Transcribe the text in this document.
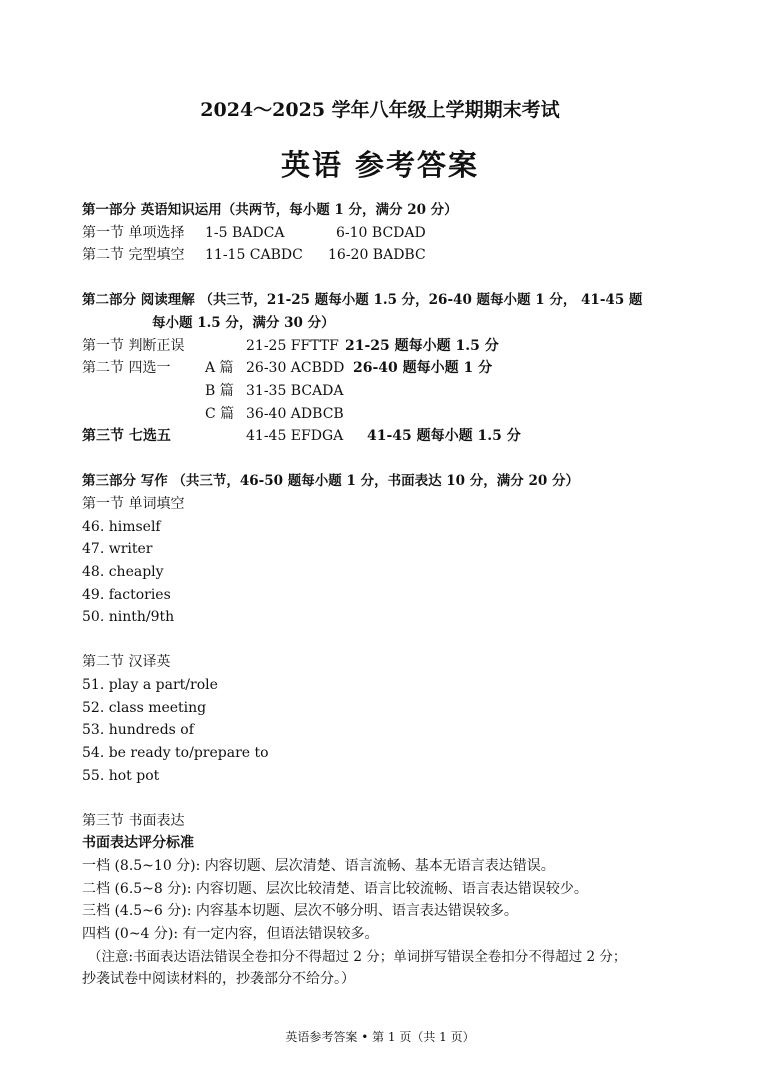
2024～2025 学年八年级上学期期末考试
英语 参考答案
第一部分 英语知识运用（共两节，每小题 1 分，满分 20 分）
第一节 单项选择 1-5 BADCA	6-10 BCDAD
第二节 完型填空 11-15 CABDC 16-20 BADBC
第二部分 阅读理解 （共三节，21-25 题每小题 1.5 分，26-40 题每小题 1 分， 41-45 题
每小题 1.5 分，满分 30 分）
第一节 判断正误	21-25 FFTTF 21-25 题每小题 1.5 分
第二节 四选一 A 篇 26-30 ACBDD 26-40 题每小题 1 分
B 篇 31-35 BCADA
C 篇 36-40 ADBCB
第三节 七选五	41-45 EFDGA 41-45 题每小题 1.5 分
第三部分 写作 （共三节，46-50 题每小题 1 分，书面表达 10 分，满分 20 分）
第一节 单词填空
46. himself
47. writer
48. cheaply
49. factories
50. ninth/9th
第二节 汉译英
51. play a part/role
52. class meeting
53. hundreds of
54. be ready to/prepare to
55. hot pot
第三节 书面表达
书面表达评分标准
一档 (8.5~10 分): 内容切题、层次清楚、语言流畅、基本无语言表达错误。
二档 (6.5~8 分): 内容切题、层次比较清楚、语言比较流畅、语言表达错误较少。
三档 (4.5~6 分): 内容基本切题、层次不够分明、语言表达错误较多。
四档 (0~4 分): 有一定内容，但语法错误较多。
（注意:书面表达语法错误全卷扣分不得超过 2 分；单词拼写错误全卷扣分不得超过 2 分；
抄袭试卷中阅读材料的，抄袭部分不给分。）
英语参考答案 • 第 1 页（共 1 页）
